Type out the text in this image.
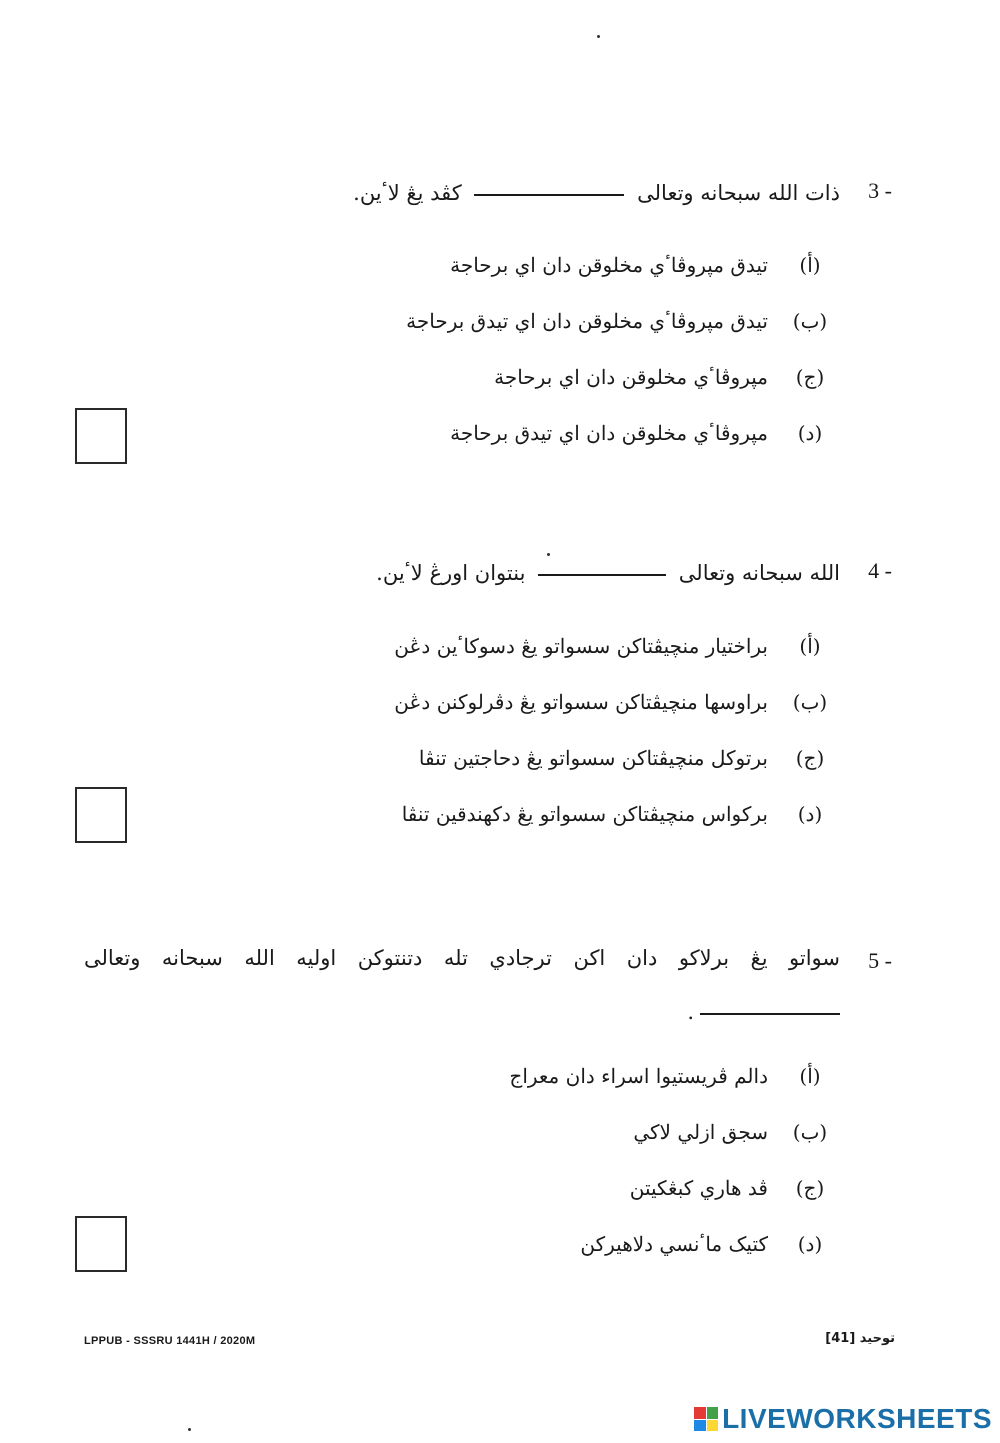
3 -
ذات الله سبحانه وتعالى  كڤد يڠ لاٴين.
(أ)
تيدق مپروڤاٴي مخلوقن دان اي برحاجة
(ب)
تيدق مپروڤاٴي مخلوقن دان اي تيدق برحاجة
(ج)
مپروڤاٴي مخلوقن دان اي برحاجة
(د)
مپروڤاٴي مخلوقن دان اي تيدق برحاجة
4 -
الله سبحانه وتعالى  بنتوان اورڠ لاٴين.
(أ)
براختيار منچيڤتاکن سسواتو يڠ دسوکاٴين دڠن
(ب)
براوسها منچيڤتاکن سسواتو يڠ دڤرلوکنن دڠن
(ج)
برتوکل منچيڤتاکن سسواتو يڠ دحاجتين تنڤا
(د)
برکواس منچيڤتاکن سسواتو يڠ دکهندقين تنڤا
5 -
سواتو يڠ برلاکو دان اکن ترجادي تله دتنتوکن اوليه الله سبحانه وتعالى
.
(أ)
دالم ڤريستيوا اسراء دان معراج
(ب)
سجق ازلي لاکي
(ج)
ڤد هاري کبڠکيتن
(د)
کتيک ماٴنسي دلاهيرکن
LPPUB - SSSRU 1441H / 2020M	توحيد [41]
LIVEWORKSHEETS
